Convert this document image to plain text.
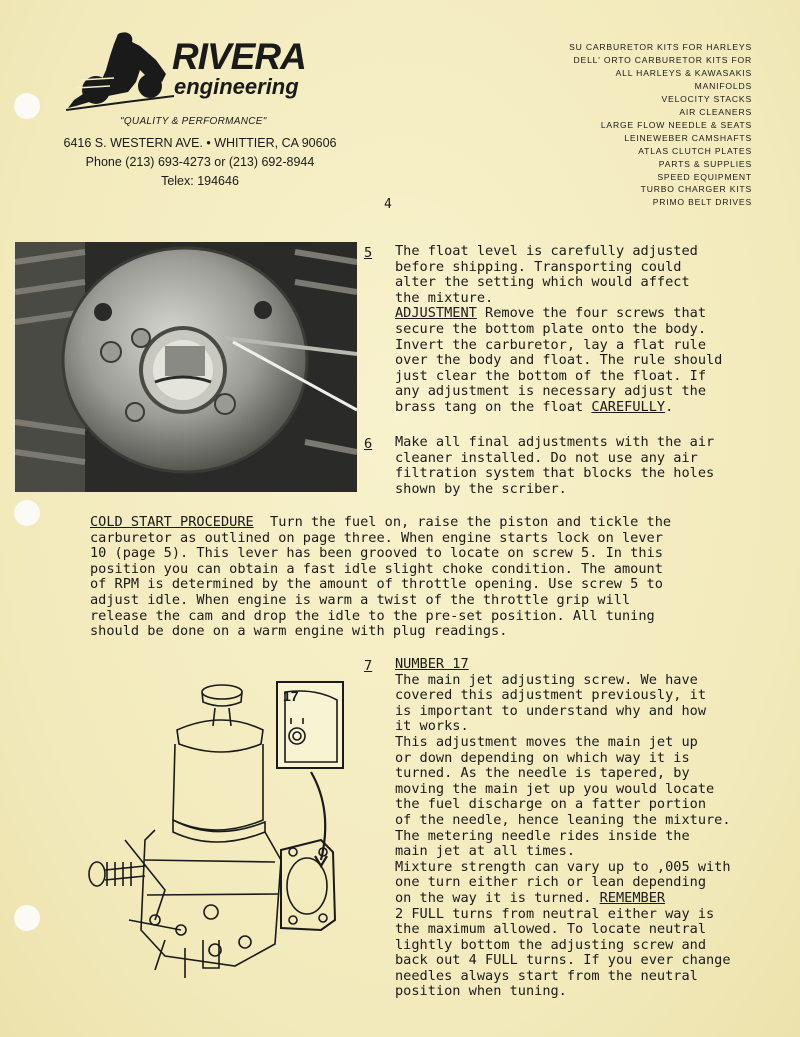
RIVERA
engineering
"QUALITY & PERFORMANCE"
6416 S. WESTERN AVE. • WHITTIER, CA 90606
Phone (213) 693-4273 or (213) 692-8944
Telex: 194646
SU CARBURETOR KITS FOR HARLEYS
DELL' ORTO CARBURETOR KITS FOR
ALL HARLEYS & KAWASAKIS
MANIFOLDS
VELOCITY STACKS
AIR CLEANERS
LARGE FLOW NEEDLE & SEATS
LEINEWEBER CAMSHAFTS
ATLAS CLUTCH PLATES
PARTS & SUPPLIES
SPEED EQUIPMENT
TURBO CHARGER KITS
PRIMO BELT DRIVES
4
5 The float level is carefully adjusted
before shipping. Transporting could
alter the setting which would affect
the mixture.
ADJUSTMENT Remove the four screws that
secure the bottom plate onto the body.
Invert the carburetor, lay a flat rule
over the body and float. The rule should
just clear the bottom of the float. If
any adjustment is necessary adjust the
brass tang on the float CAREFULLY.
6 Make all final adjustments with the air
cleaner installed. Do not use any air
filtration system that blocks the holes
shown by the scriber.
COLD START PROCEDURE  Turn the fuel on, raise the piston and tickle the
carburetor as outlined on page three. When engine starts lock on lever
10 (page 5). This lever has been grooved to locate on screw 5. In this
position you can obtain a fast idle slight choke condition. The amount
of RPM is determined by the amount of throttle opening. Use screw 5 to
adjust idle. When engine is warm a twist of the throttle grip will
release the cam and drop the idle to the pre-set position. All tuning
should be done on a warm engine with plug readings.
7 NUMBER 17
The main jet adjusting screw. We have
covered this adjustment previously, it
is important to understand why and how
it works.
This adjustment moves the main jet up
or down depending on which way it is
turned. As the needle is tapered, by
moving the main jet up you would locate
the fuel discharge on a fatter portion
of the needle, hence leaning the mixture.
The metering needle rides inside the
main jet at all times.
Mixture strength can vary up to ,005 with
one turn either rich or lean depending
on the way it is turned. REMEMBER
2 FULL turns from neutral either way is
the maximum allowed. To locate neutral
lightly bottom the adjusting screw and
back out 4 FULL turns. If you ever change
needles always start from the neutral
position when tuning.
17
